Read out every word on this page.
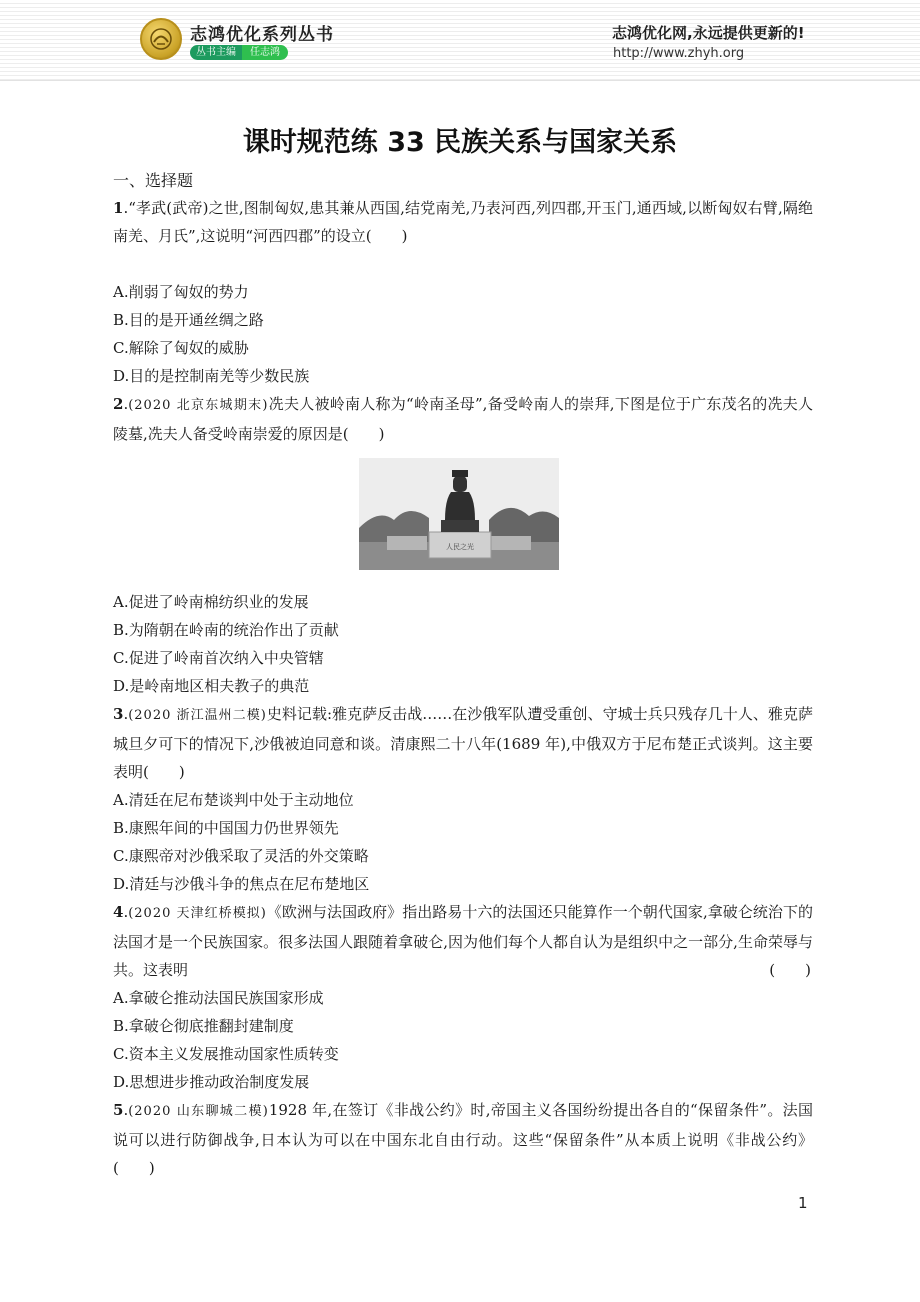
志鸿优化系列丛书
丛书主编 任志鸿
志鸿优化网,永远提供更新的!
http://www.zhyh.org
课时规范练 33 民族关系与国家关系
一、选择题
1.“孝武(武帝)之世,图制匈奴,患其兼从西国,结党南羌,乃表河西,列四郡,开玉门,通西域,以断匈奴右臂,隔绝南羌、月氏”,这说明“河西四郡”的设立(　　)
A.削弱了匈奴的势力
B.目的是开通丝绸之路
C.解除了匈奴的威胁
D.目的是控制南羌等少数民族
2.(2020 北京东城期末)冼夫人被岭南人称为“岭南圣母”,备受岭南人的崇拜,下图是位于广东茂名的冼夫人陵墓,冼夫人备受岭南崇爱的原因是(　　)
人民之光
A.促进了岭南棉纺织业的发展
B.为隋朝在岭南的统治作出了贡献
C.促进了岭南首次纳入中央管辖
D.是岭南地区相夫教子的典范
3.(2020 浙江温州二模)史料记载:雅克萨反击战……在沙俄军队遭受重创、守城士兵只残存几十人、雅克萨城旦夕可下的情况下,沙俄被迫同意和谈。清康熙二十八年(1689 年),中俄双方于尼布楚正式谈判。这主要表明(　　)
A.清廷在尼布楚谈判中处于主动地位
B.康熙年间的中国国力仍世界领先
C.康熙帝对沙俄采取了灵活的外交策略
D.清廷与沙俄斗争的焦点在尼布楚地区
4.(2020 天津红桥模拟)《欧洲与法国政府》指出路易十六的法国还只能算作一个朝代国家,拿破仑统治下的法国才是一个民族国家。很多法国人跟随着拿破仑,因为他们每个人都自认为是组织中之一部分,生命荣辱与共。这表明	(　　)
A.拿破仑推动法国民族国家形成
B.拿破仑彻底推翻封建制度
C.资本主义发展推动国家性质转变
D.思想进步推动政治制度发展
5.(2020 山东聊城二模)1928 年,在签订《非战公约》时,帝国主义各国纷纷提出各自的“保留条件”。法国说可以进行防御战争,日本认为可以在中国东北自由行动。这些“保留条件”从本质上说明《非战公约》(　　)
1
